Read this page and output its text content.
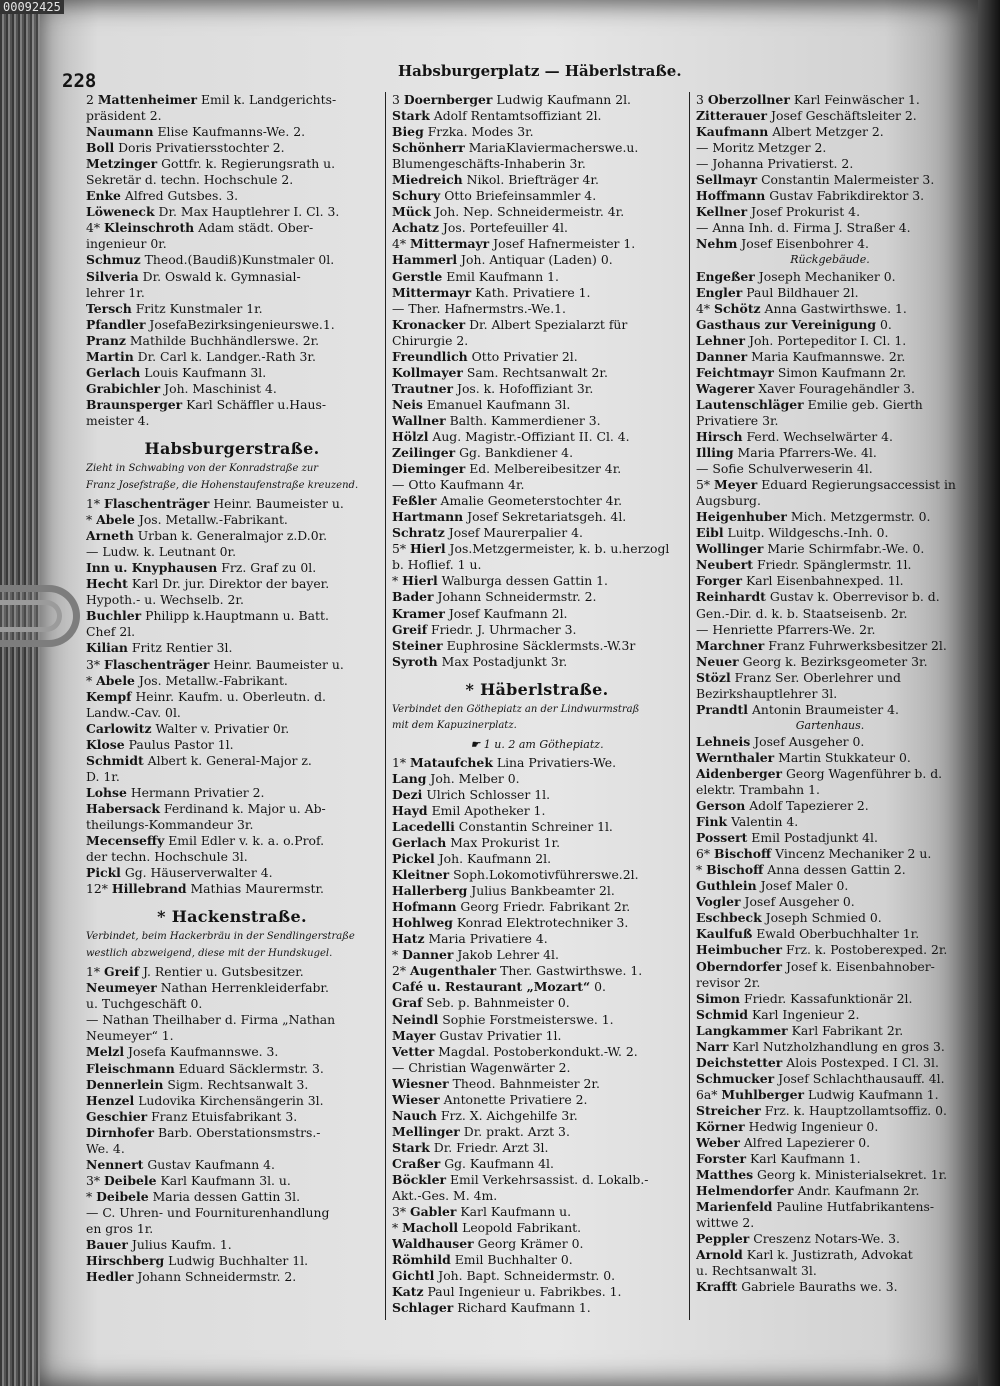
00092425
228	Habsburgerplatz — Häberlstraße.
2 Mattenheimer Emil k. Landgerichts-
präsident 2.
Naumann Elise Kaufmanns-We. 2.
Boll Doris Privatiersstochter 2.
Metzinger Gottfr. k. Regierungsrath u.
Sekretär d. techn. Hochschule 2.
Enke Alfred Gutsbes. 3.
Löweneck Dr. Max Hauptlehrer I. Cl. 3.
4* Kleinschroth Adam städt. Ober-
ingenieur 0r.
Schmuz Theod.(Baudiß)Kunstmaler 0l.
Silveria Dr. Oswald k. Gymnasial-
lehrer 1r.
Tersch Fritz Kunstmaler 1r.
Pfandler JosefaBezirksingenieurswe.1.
Pranz Mathilde Buchhändlerswe. 2r.
Martin Dr. Carl k. Landger.-Rath 3r.
Gerlach Louis Kaufmann 3l.
Grabichler Joh. Maschinist 4.
Braunsperger Karl Schäffler u.Haus-
meister 4.
Habsburgerstraße.
Zieht in Schwabing von der Konradstraße zur
Franz Josefstraße, die Hohenstaufenstraße kreuzend.
1* Flaschenträger Heinr. Baumeister u.
* Abele Jos. Metallw.-Fabrikant.
Arneth Urban k. Generalmajor z.D.0r.
— Ludw. k. Leutnant 0r.
Inn u. Knyphausen Frz. Graf zu 0l.
Hecht Karl Dr. jur. Direktor der bayer.
Hypoth.- u. Wechselb. 2r.
Buchler Philipp k.Hauptmann u. Batt.
Chef 2l.
Kilian Fritz Rentier 3l.
3* Flaschenträger Heinr. Baumeister u.
* Abele Jos. Metallw.-Fabrikant.
Kempf Heinr. Kaufm. u. Oberleutn. d.
Landw.-Cav. 0l.
Carlowitz Walter v. Privatier 0r.
Klose Paulus Pastor 1l.
Schmidt Albert k. General-Major z.
D. 1r.
Lohse Hermann Privatier 2.
Habersack Ferdinand k. Major u. Ab-
theilungs-Kommandeur 3r.
Mecenseffy Emil Edler v. k. a. o.Prof.
der techn. Hochschule 3l.
Pickl Gg. Häuserverwalter 4.
12* Hillebrand Mathias Maurermstr.
* Hackenstraße.
Verbindet, beim Hackerbräu in der Sendlingerstraße
westlich abzweigend, diese mit der Hundskugel.
1* Greif J. Rentier u. Gutsbesitzer.
Neumeyer Nathan Herrenkleiderfabr.
u. Tuchgeschäft 0.
— Nathan Theilhaber d. Firma „Nathan
Neumeyer“ 1.
Melzl Josefa Kaufmannswe. 3.
Fleischmann Eduard Säcklermstr. 3.
Dennerlein Sigm. Rechtsanwalt 3.
Henzel Ludovika Kirchensängerin 3l.
Geschier Franz Etuisfabrikant 3.
Dirnhofer Barb. Oberstationsmstrs.-
We. 4.
Nennert Gustav Kaufmann 4.
3* Deibele Karl Kaufmann 3l. u.
* Deibele Maria dessen Gattin 3l.
— C. Uhren- und Fourniturenhandlung
en gros 1r.
Bauer Julius Kaufm. 1.
Hirschberg Ludwig Buchhalter 1l.
Hedler Johann Schneidermstr. 2.
3 Doernberger Ludwig Kaufmann 2l.
Stark Adolf Rentamtsoffiziant 2l.
Bieg Frzka. Modes 3r.
Schönherr MariaKlaviermacherswe.u.
Blumengeschäfts-Inhaberin 3r.
Miedreich Nikol. Briefträger 4r.
Schury Otto Briefeinsammler 4.
Mück Joh. Nep. Schneidermeistr. 4r.
Achatz Jos. Portefeuiller 4l.
4* Mittermayr Josef Hafnermeister 1.
Hammerl Joh. Antiquar (Laden) 0.
Gerstle Emil Kaufmann 1.
Mittermayr Kath. Privatiere 1.
— Ther. Hafnermstrs.-We.1.
Kronacker Dr. Albert Spezialarzt für
Chirurgie 2.
Freundlich Otto Privatier 2l.
Kollmayer Sam. Rechtsanwalt 2r.
Trautner Jos. k. Hofoffiziant 3r.
Neis Emanuel Kaufmann 3l.
Wallner Balth. Kammerdiener 3.
Hölzl Aug. Magistr.-Offiziant II. Cl. 4.
Zeilinger Gg. Bankdiener 4.
Dieminger Ed. Melbereibesitzer 4r.
— Otto Kaufmann 4r.
Feßler Amalie Geometerstochter 4r.
Hartmann Josef Sekretariatsgeh. 4l.
Schratz Josef Maurerpalier 4.
5* Hierl Jos.Metzgermeister, k. b. u.herzogl
b. Hoflief. 1 u.
* Hierl Walburga dessen Gattin 1.
Bader Johann Schneidermstr. 2.
Kramer Josef Kaufmann 2l.
Greif Friedr. J. Uhrmacher 3.
Steiner Euphrosine Säcklermsts.-W.3r
Syroth Max Postadjunkt 3r.
* Häberlstraße.
Verbindet den Göthepiatz an der Lindwurmstraß
mit dem Kapuzinerplatz.
☛ 1 u. 2 am Göthepiatz.
1* Mataufchek Lina Privatiers-We.
Lang Joh. Melber 0.
Dezi Ulrich Schlosser 1l.
Hayd Emil Apotheker 1.
Lacedelli Constantin Schreiner 1l.
Gerlach Max Prokurist 1r.
Pickel Joh. Kaufmann 2l.
Kleitner Soph.Lokomotivführerswe.2l.
Hallerberg Julius Bankbeamter 2l.
Hofmann Georg Friedr. Fabrikant 2r.
Hohlweg Konrad Elektrotechniker 3.
Hatz Maria Privatiere 4.
* Danner Jakob Lehrer 4l.
2* Augenthaler Ther. Gastwirthswe. 1.
Café u. Restaurant „Mozart“ 0.
Graf Seb. p. Bahnmeister 0.
Neindl Sophie Forstmeisterswe. 1.
Mayer Gustav Privatier 1l.
Vetter Magdal. Postoberkondukt.-W. 2.
— Christian Wagenwärter 2.
Wiesner Theod. Bahnmeister 2r.
Wieser Antonette Privatiere 2.
Nauch Frz. X. Aichgehilfe 3r.
Mellinger Dr. prakt. Arzt 3.
Stark Dr. Friedr. Arzt 3l.
Craßer Gg. Kaufmann 4l.
Böckler Emil Verkehrsassist. d. Lokalb.-
Akt.-Ges. M. 4m.
3* Gabler Karl Kaufmann u.
* Macholl Leopold Fabrikant.
Waldhauser Georg Krämer 0.
Römhild Emil Buchhalter 0.
Gichtl Joh. Bapt. Schneidermstr. 0.
Katz Paul Ingenieur u. Fabrikbes. 1.
Schlager Richard Kaufmann 1.
3 Oberzollner Karl Feinwäscher 1.
Zitterauer Josef Geschäftsleiter 2.
Kaufmann Albert Metzger 2.
— Moritz Metzger 2.
— Johanna Privatierst. 2.
Sellmayr Constantin Malermeister 3.
Hoffmann Gustav Fabrikdirektor 3.
Kellner Josef Prokurist 4.
— Anna Inh. d. Firma J. Straßer 4.
Nehm Josef Eisenbohrer 4.
Rückgebäude.
Engeßer Joseph Mechaniker 0.
Engler Paul Bildhauer 2l.
4* Schötz Anna Gastwirthswe. 1.
Gasthaus zur Vereinigung 0.
Lehner Joh. Portepeditor I. Cl. 1.
Danner Maria Kaufmannswe. 2r.
Feichtmayr Simon Kaufmann 2r.
Wagerer Xaver Fouragehändler 3.
Lautenschläger Emilie geb. Gierth
Privatiere 3r.
Hirsch Ferd. Wechselwärter 4.
Illing Maria Pfarrers-We. 4l.
— Sofie Schulverweserin 4l.
5* Meyer Eduard Regierungsaccessist in
Augsburg.
Heigenhuber Mich. Metzgermstr. 0.
Eibl Luitp. Wildgeschs.-Inh. 0.
Wollinger Marie Schirmfabr.-We. 0.
Neubert Friedr. Spänglermstr. 1l.
Forger Karl Eisenbahnexped. 1l.
Reinhardt Gustav k. Oberrevisor b. d.
Gen.-Dir. d. k. b. Staatseisenb. 2r.
— Henriette Pfarrers-We. 2r.
Marchner Franz Fuhrwerksbesitzer 2l.
Neuer Georg k. Bezirksgeometer 3r.
Stözl Franz Ser. Oberlehrer und
Bezirkshauptlehrer 3l.
Prandtl Antonin Braumeister 4.
Gartenhaus.
Lehneis Josef Ausgeher 0.
Wernthaler Martin Stukkateur 0.
Aidenberger Georg Wagenführer b. d.
elektr. Trambahn 1.
Gerson Adolf Tapezierer 2.
Fink Valentin 4.
Possert Emil Postadjunkt 4l.
6* Bischoff Vincenz Mechaniker 2 u.
* Bischoff Anna dessen Gattin 2.
Guthlein Josef Maler 0.
Vogler Josef Ausgeher 0.
Eschbeck Joseph Schmied 0.
Kaulfuß Ewald Oberbuchhalter 1r.
Heimbucher Frz. k. Postoberexped. 2r.
Oberndorfer Josef k. Eisenbahnober-
revisor 2r.
Simon Friedr. Kassafunktionär 2l.
Schmid Karl Ingenieur 2.
Langkammer Karl Fabrikant 2r.
Narr Karl Nutzholzhandlung en gros 3.
Deichstetter Alois Postexped. I Cl. 3l.
Schmucker Josef Schlachthausauff. 4l.
6a* Muhlberger Ludwig Kaufmann 1.
Streicher Frz. k. Hauptzollamtsoffiz. 0.
Körner Hedwig Ingenieur 0.
Weber Alfred Lapezierer 0.
Forster Karl Kaufmann 1.
Matthes Georg k. Ministerialsekret. 1r.
Helmendorfer Andr. Kaufmann 2r.
Marienfeld Pauline Hutfabrikantens-
wittwe 2.
Peppler Creszenz Notars-We. 3.
Arnold Karl k. Justizrath, Advokat
u. Rechtsanwalt 3l.
Krafft Gabriele Bauraths we. 3.
